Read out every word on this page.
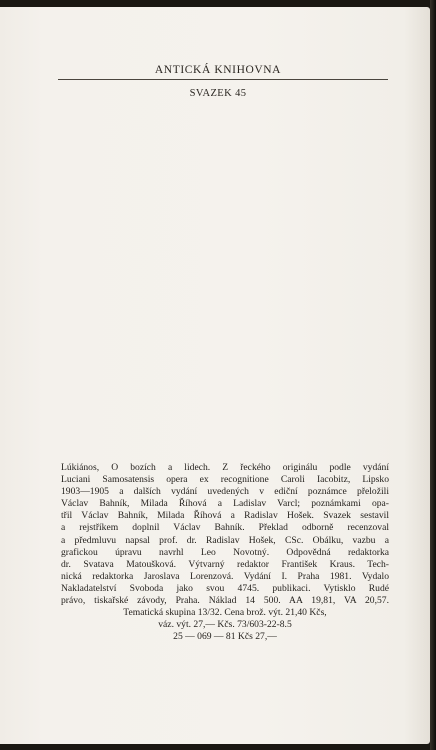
ANTICKÁ KNIHOVNA
SVAZEK 45
Lúkiános, O bozích a lidech. Z řeckého originálu podle vydání
Luciani Samosatensis opera ex recognitione Caroli Iacobitz, Lipsko
1903—1905 a dalších vydání uvedených v ediční poznámce přeložili
Václav Bahník, Milada Říhová a Ladislav Varcl; poznámkami opa-
třil Václav Bahník, Milada Říhová a Radislav Hošek. Svazek sestavil
a rejstříkem doplnil Václav Bahník. Překlad odborně recenzoval
a předmluvu napsal prof. dr. Radislav Hošek, CSc. Obálku, vazbu a
grafickou úpravu navrhl Leo Novotný. Odpovědná redaktorka
dr. Svatava Matoušková. Výtvarný redaktor František Kraus. Tech-
nická redaktorka Jaroslava Lorenzová. Vydání I. Praha 1981. Vydalo
Nakladatelství Svoboda jako svou 4745. publikaci. Vytisklo Rudé
právo, tiskařské závody, Praha. Náklad 14 500. AA 19,81, VA 20,57.
Tematická skupina 13/32. Cena brož. výt. 21,40 Kčs,
váz. výt. 27,— Kčs. 73/603-22-8.5
25 — 069 — 81 Kčs 27,—
